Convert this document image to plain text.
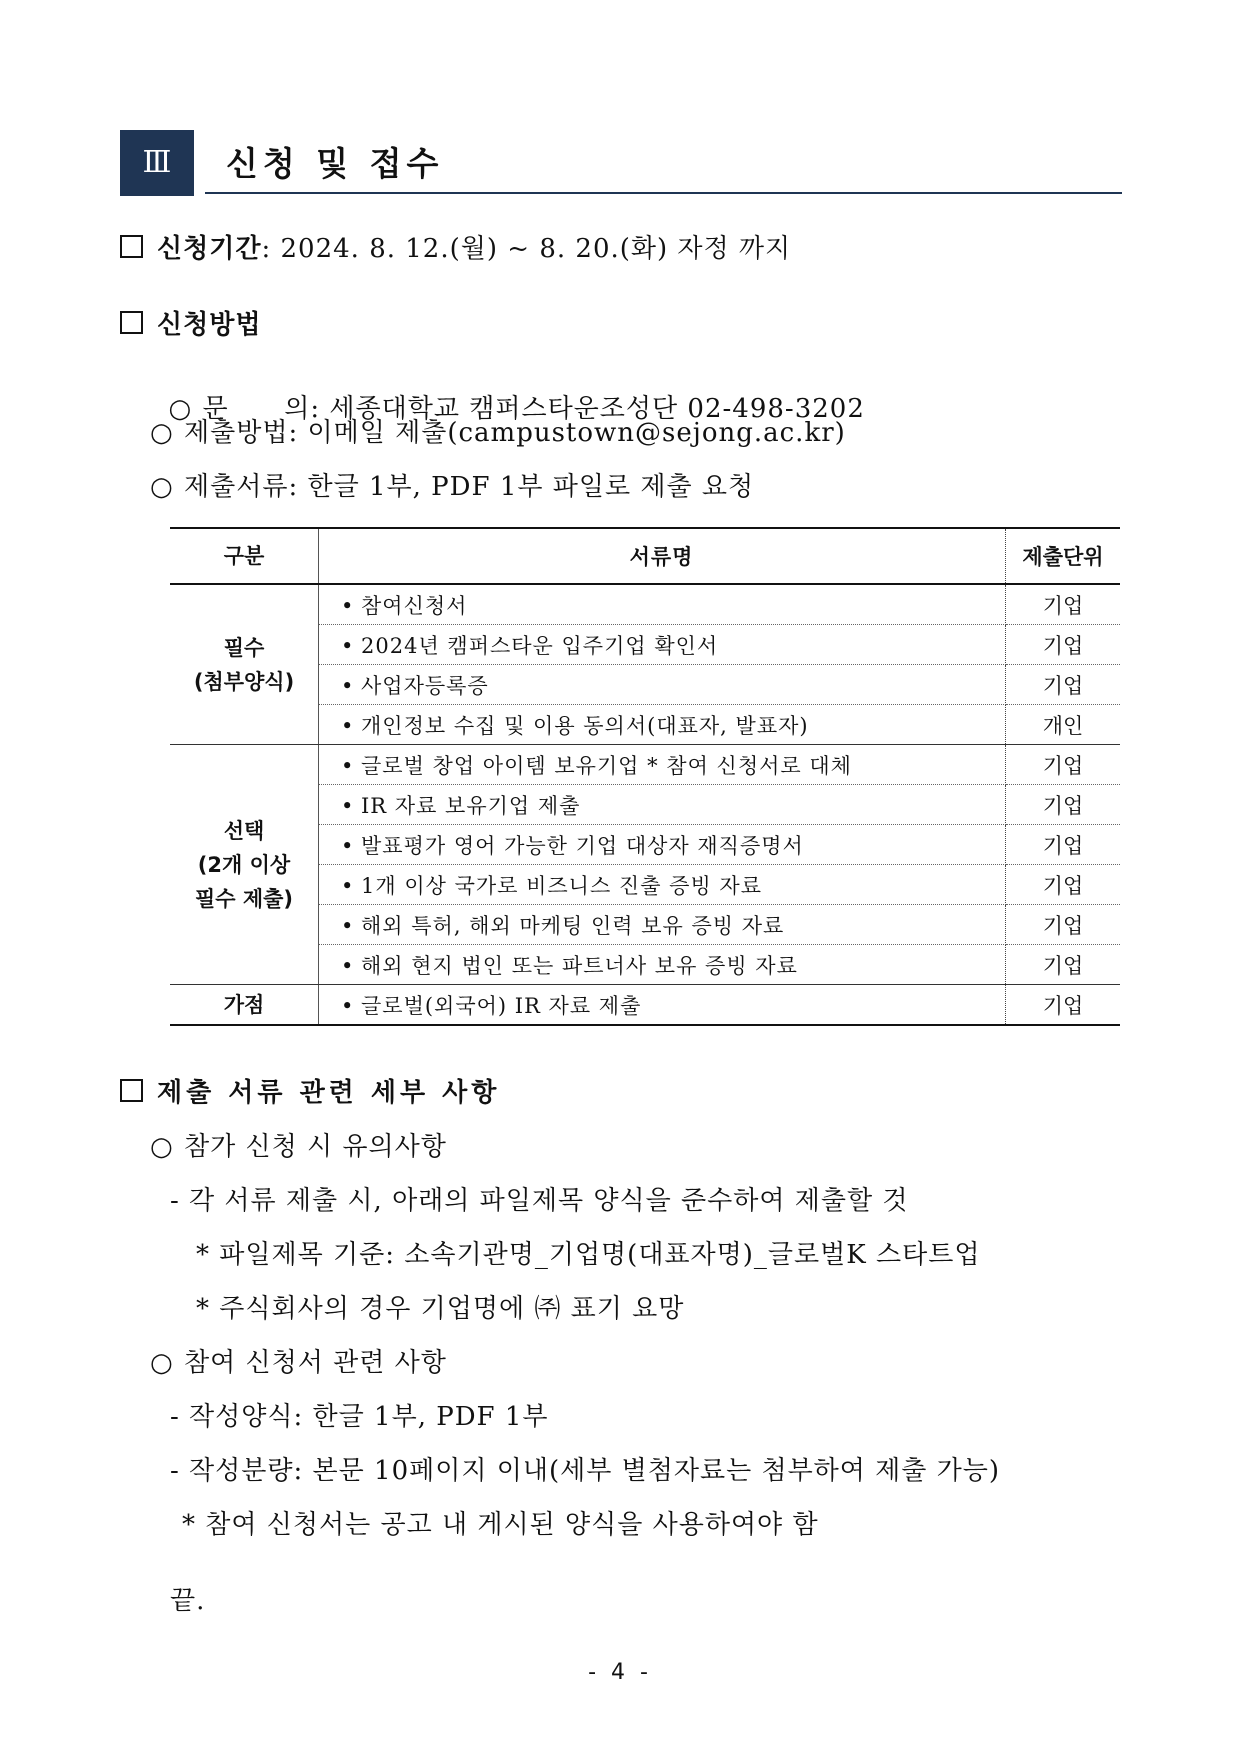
Ⅲ	신청 및 접수
신청기간: 2024. 8. 12.(월) ~ 8. 20.(화) 자정 까지
신청방법

○ 문      의: 세종대학교 캠퍼스타운조성단 02-498-3202

○ 제출방법: 이메일 제출(campustown@sejong.ac.kr)
○ 제출서류: 한글 1부, PDF 1부 파일로 제출 요청
구분	서류명	제출단위

필수
(첨부양식)	• 참여신청서	기업
	• 2024년 캠퍼스타운 입주기업 확인서	기업
	• 사업자등록증	기업
	• 개인정보 수집 및 이용 동의서(대표자, 발표자)	개인

선택
(2개 이상
필수 제출)	• 글로벌 창업 아이템 보유기업 * 참여 신청서로 대체	기업
	• IR 자료 보유기업 제출	기업
	• 발표평가 영어 가능한 기업 대상자 재직증명서	기업
	• 1개 이상 국가로 비즈니스 진출 증빙 자료	기업
	• 해외 특허, 해외 마케팅 인력 보유 증빙 자료	기업
	• 해외 현지 법인 또는 파트너사 보유 증빙 자료	기업

가점	• 글로벌(외국어) IR 자료 제출	기업
제출 서류 관련 세부 사항
○ 참가 신청 시 유의사항
- 각 서류 제출 시, 아래의 파일제목 양식을 준수하여 제출할 것
* 파일제목 기준: 소속기관명_기업명(대표자명)_글로벌K 스타트업
* 주식회사의 경우 기업명에 ㈜ 표기 요망
○ 참여 신청서 관련 사항
- 작성양식: 한글 1부, PDF 1부
- 작성분량: 본문 10페이지 이내(세부 별첨자료는 첨부하여 제출 가능)
* 참여 신청서는 공고 내 게시된 양식을 사용하여야 함
끝.
- 4 -
